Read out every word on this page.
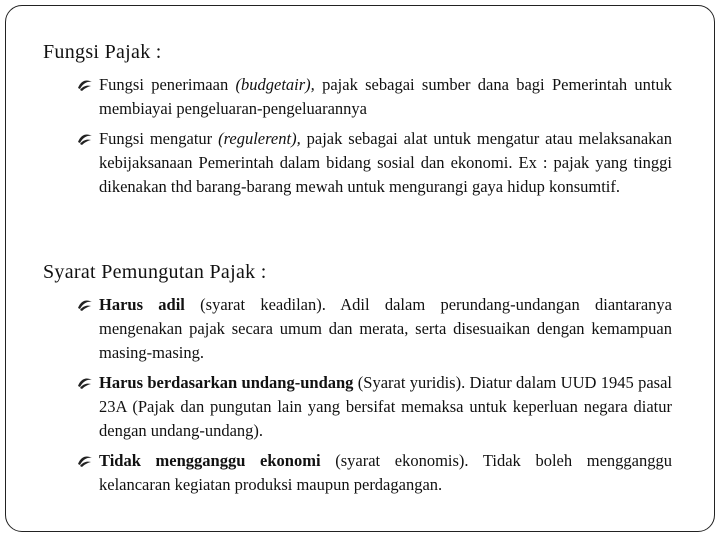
Fungsi Pajak :
Fungsi penerimaan (budgetair), pajak sebagai sumber dana bagi Pemerintah untuk membiayai pengeluaran-pengeluarannya
Fungsi mengatur (regulerent), pajak sebagai alat untuk mengatur atau melaksanakan kebijaksanaan Pemerintah dalam bidang sosial dan ekonomi. Ex : pajak yang tinggi dikenakan thd barang-barang mewah untuk mengurangi gaya hidup konsumtif.
Syarat Pemungutan Pajak :
Harus adil (syarat keadilan). Adil dalam perundang-undangan diantaranya mengenakan pajak secara umum dan merata, serta disesuaikan dengan kemampuan masing-masing.
Harus berdasarkan undang-undang (Syarat yuridis). Diatur dalam UUD 1945 pasal 23A (Pajak dan pungutan lain yang bersifat memaksa untuk keperluan negara diatur dengan undang-undang).
Tidak mengganggu ekonomi (syarat ekonomis). Tidak boleh mengganggu kelancaran kegiatan produksi maupun perdagangan.
